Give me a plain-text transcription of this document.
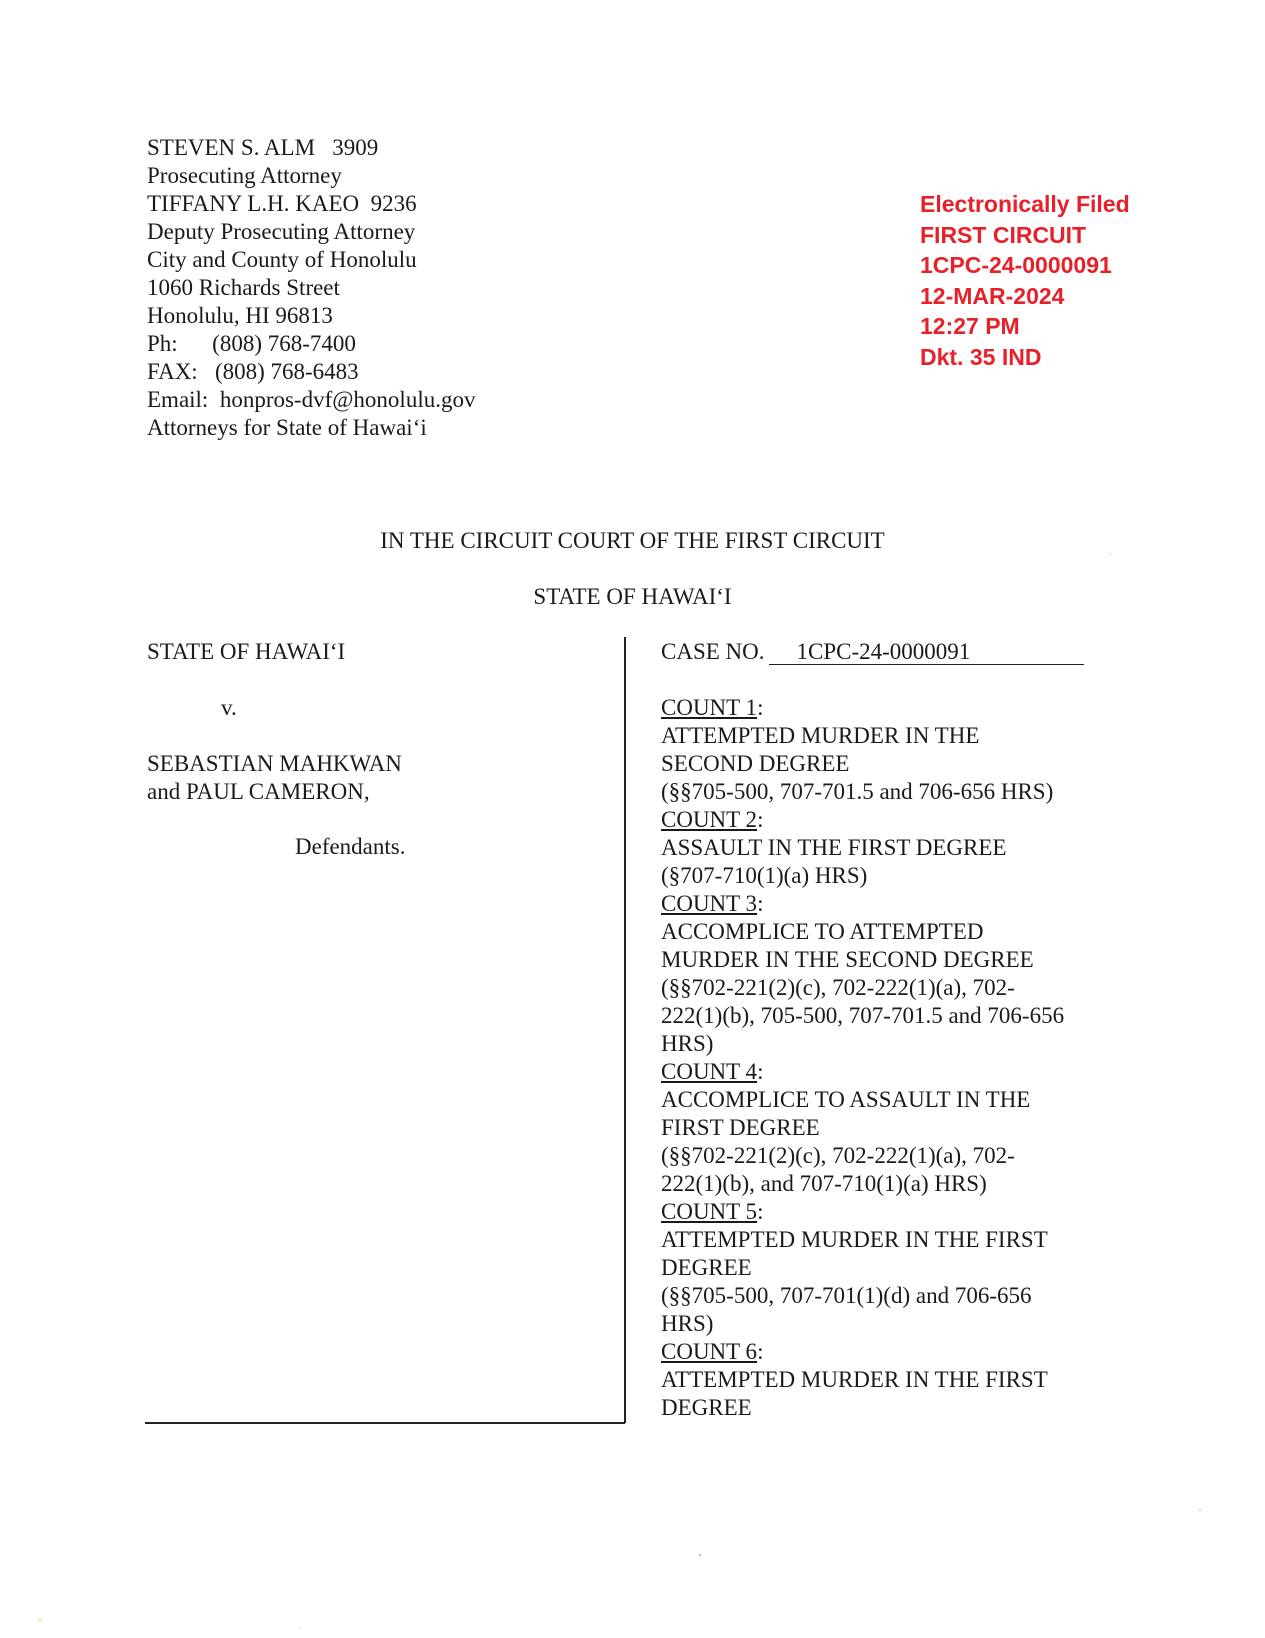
STEVEN S. ALM   3909
Prosecuting Attorney
TIFFANY L.H. KAEO  9236
Deputy Prosecuting Attorney
City and County of Honolulu
1060 Richards Street
Honolulu, HI 96813
Ph:      (808) 768-7400
FAX:   (808) 768-6483
Email:  honpros-dvf@honolulu.gov
Attorneys for State of Hawai‘i
Electronically Filed
FIRST CIRCUIT
1CPC-24-0000091
12-MAR-2024
12:27 PM
Dkt. 35 IND
IN THE CIRCUIT COURT OF THE FIRST CIRCUIT
STATE OF HAWAI‘I
STATE OF HAWAI‘I
v.
SEBASTIAN MAHKWAN
and PAUL CAMERON,
Defendants.
CASE NO. 1CPC-24-0000091
COUNT 1:
ATTEMPTED MURDER IN THE
SECOND DEGREE
(§§705-500, 707-701.5 and 706-656 HRS)
COUNT 2:
ASSAULT IN THE FIRST DEGREE
(§707-710(1)(a) HRS)
COUNT 3:
ACCOMPLICE TO ATTEMPTED
MURDER IN THE SECOND DEGREE
(§§702-221(2)(c), 702-222(1)(a), 702-
222(1)(b), 705-500, 707-701.5 and 706-656
HRS)
COUNT 4:
ACCOMPLICE TO ASSAULT IN THE
FIRST DEGREE
(§§702-221(2)(c), 702-222(1)(a), 702-
222(1)(b), and 707-710(1)(a) HRS)
COUNT 5:
ATTEMPTED MURDER IN THE FIRST
DEGREE
(§§705-500, 707-701(1)(d) and 706-656
HRS)
COUNT 6:
ATTEMPTED MURDER IN THE FIRST
DEGREE
